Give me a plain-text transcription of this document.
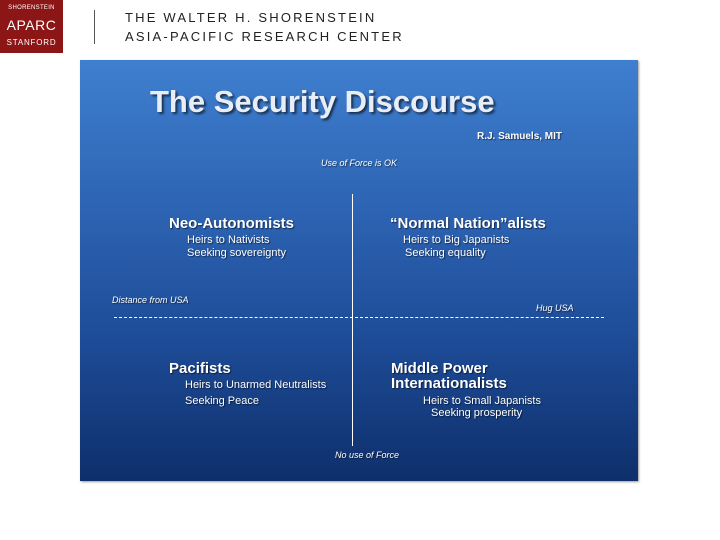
SHORENSTEIN
APARC
STANFORD
THE WALTER H. SHORENSTEIN
ASIA-PACIFIC RESEARCH CENTER
The Security Discourse
R.J. Samuels, MIT
Use of Force is OK
No use of Force
Distance from USA
Hug USA
Neo-Autonomists
Heirs to Nativists
Seeking sovereignty
“Normal Nation”alists
Heirs to Big Japanists
Seeking equality
Pacifists
Heirs to Unarmed Neutralists
Seeking Peace
Middle Power
Internationalists
Heirs to Small Japanists
Seeking prosperity
